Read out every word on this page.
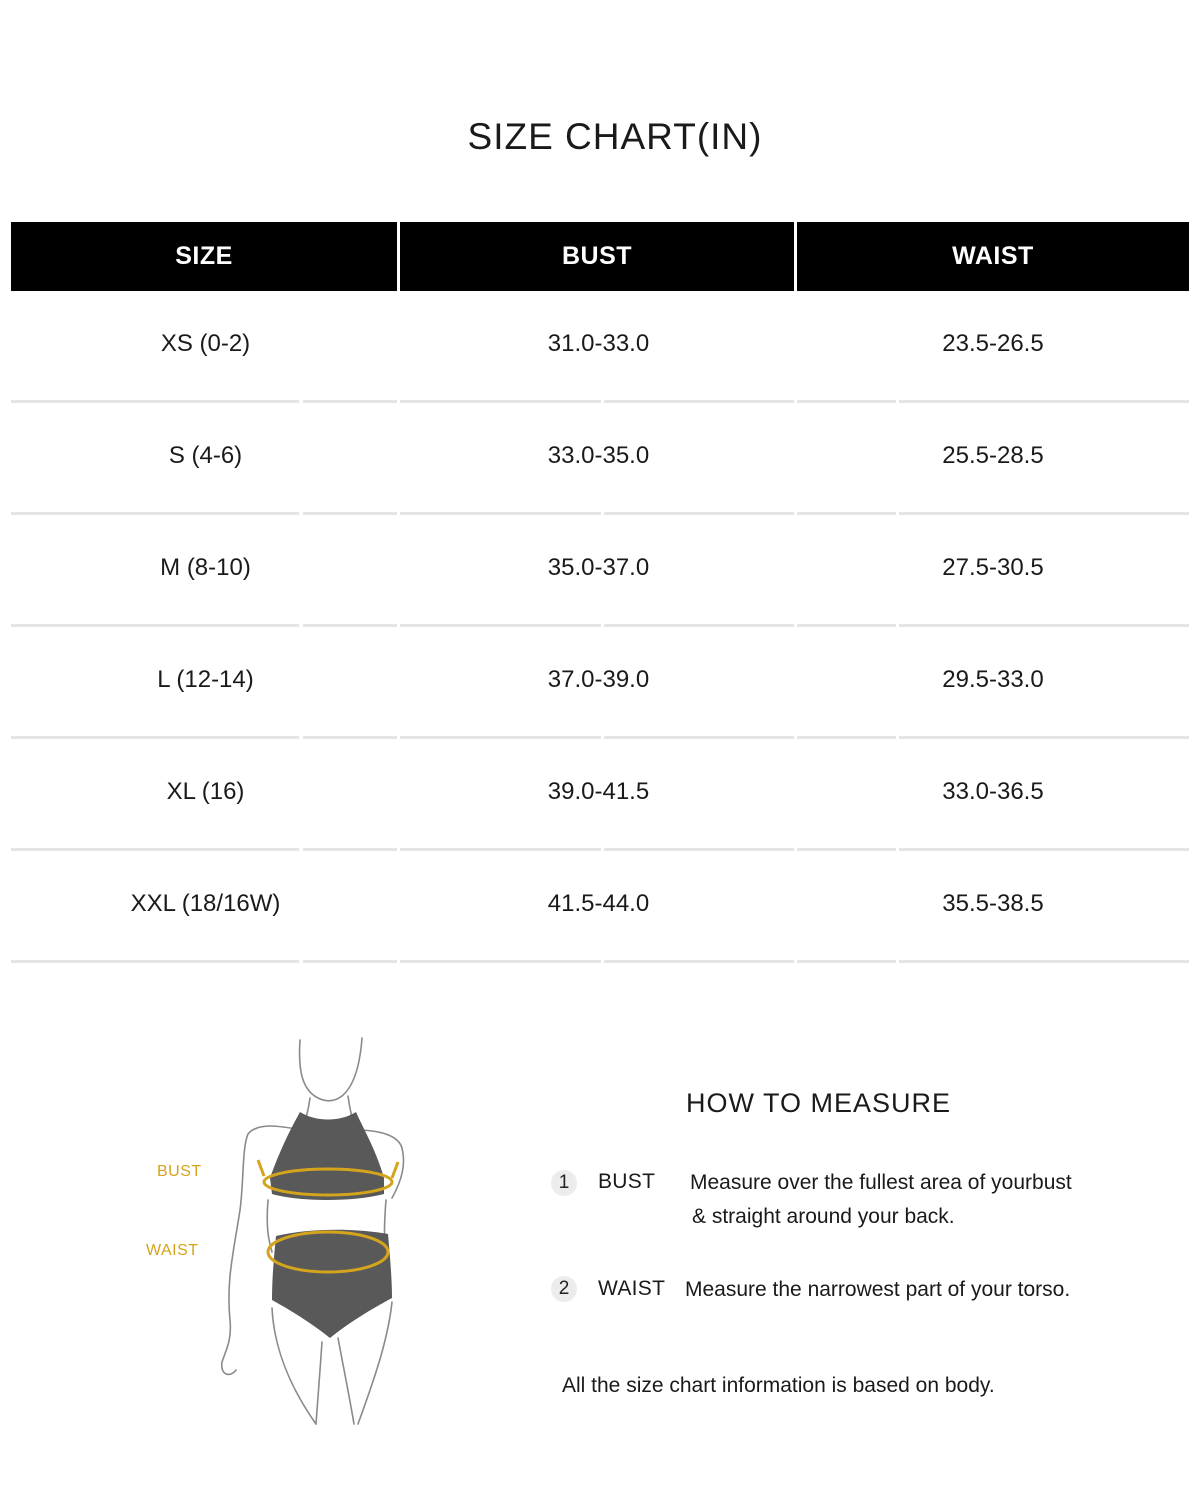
SIZE CHART(IN)
SIZE	BUST	WAIST
XS (0-2)	31.0-33.0	23.5-26.5
S (4-6)	33.0-35.0	25.5-28.5
M (8-10)	35.0-37.0	27.5-30.5
L (12-14)	37.0-39.0	29.5-33.0
XL (16)	39.0-41.5	33.0-36.5
XXL (18/16W)	41.5-44.0	35.5-38.5
BUST
WAIST
HOW TO MEASURE
1	BUST Measure over the fullest area of yourbust
& straight around your back.
2	WAIST Measure the narrowest part of your torso.
All the size chart information is based on body.
